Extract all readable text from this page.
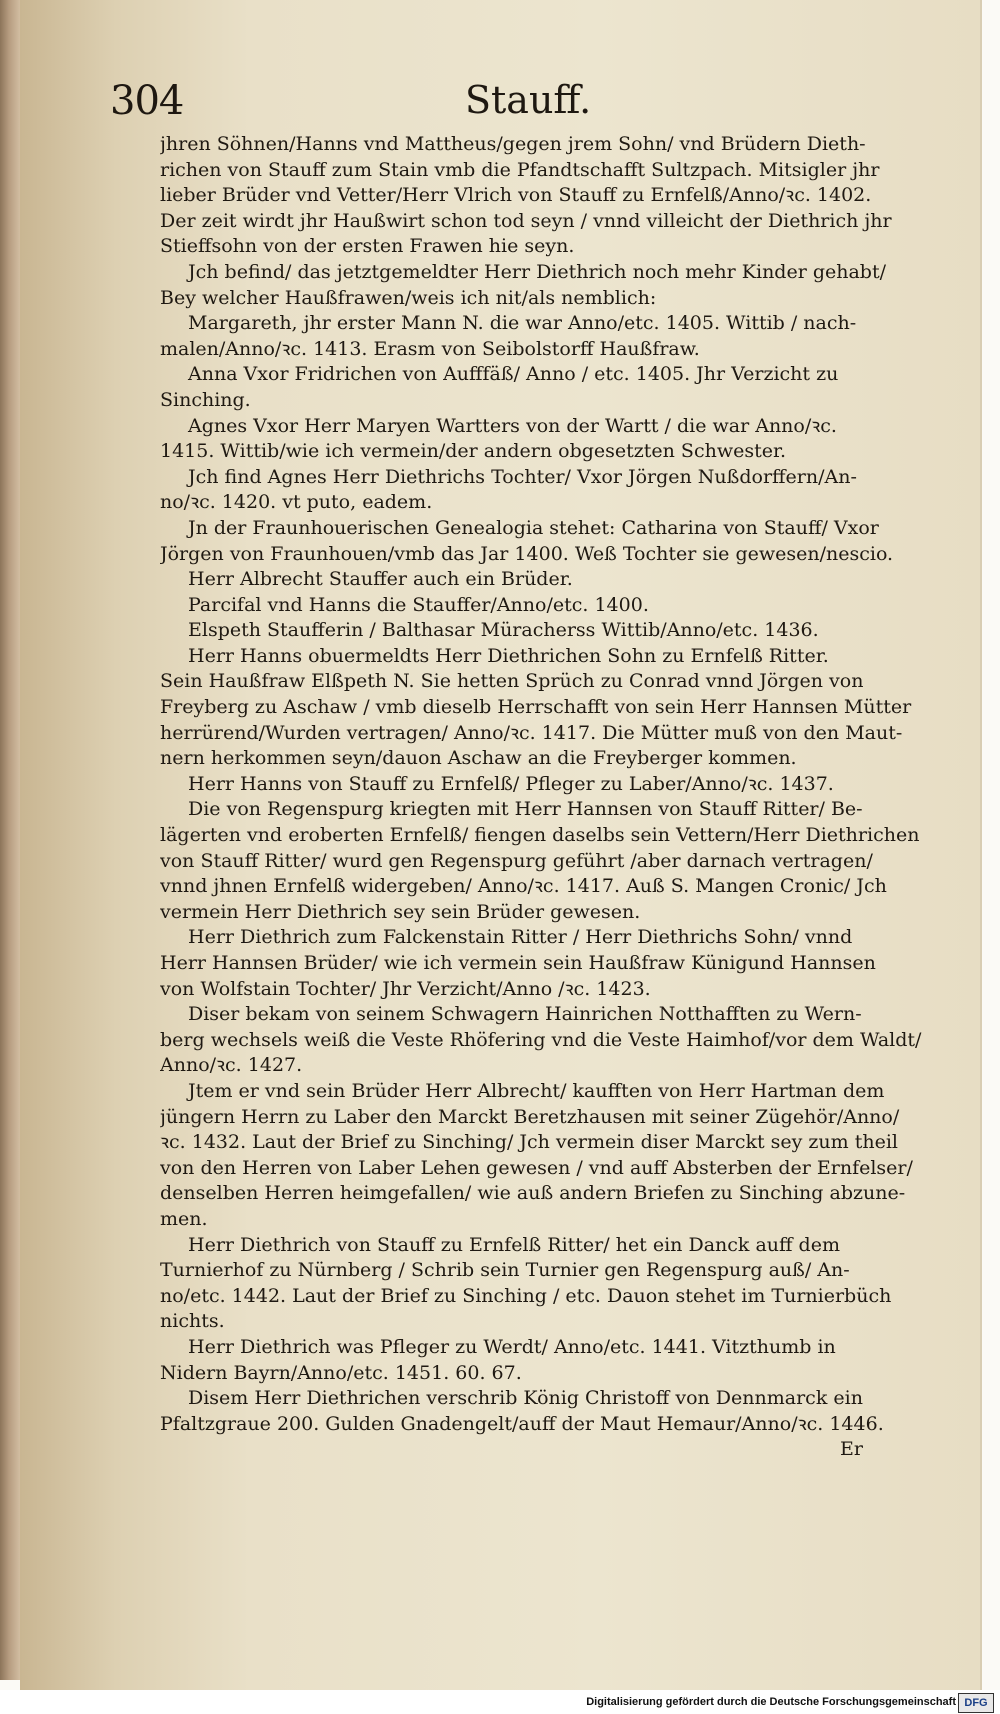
304	Stauff.
jhren Söhnen/Hanns vnd Mattheus/gegen jrem Sohn/ vnd Brüdern Dieth-
richen von Stauff zum Stain vmb die Pfandtschafft Sultzpach. Mitsigler jhr
lieber Brüder vnd Vetter/Herr Vlrich von Stauff zu Ernfelß/Anno/ꝛc. 1402.
Der zeit wirdt jhr Haußwirt schon tod seyn / vnnd villeicht der Diethrich jhr
Stieffsohn von der ersten Frawen hie seyn.
Jch befind/ das jetztgemeldter Herr Diethrich noch mehr Kinder gehabt/
Bey welcher Haußfrawen/weis ich nit/als nemblich:
Margareth, jhr erster Mann N. die war Anno/etc. 1405. Wittib / nach-
malen/Anno/ꝛc. 1413. Erasm von Seibolstorff Haußfraw.
Anna Vxor Fridrichen von Aufffäß/ Anno / etc. 1405. Jhr Verzicht zu
Sinching.
Agnes Vxor Herr Maryen Wartters von der Wartt / die war Anno/ꝛc.
1415. Wittib/wie ich vermein/der andern obgesetzten Schwester.
Jch find Agnes Herr Diethrichs Tochter/ Vxor Jörgen Nußdorffern/An-
no/ꝛc. 1420. vt puto, eadem.
Jn der Fraunhouerischen Genealogia stehet: Catharina von Stauff/ Vxor
Jörgen von Fraunhouen/vmb das Jar 1400. Weß Tochter sie gewesen/nescio.
Herr Albrecht Stauffer auch ein Brüder.
Parcifal vnd Hanns die Stauffer/Anno/etc. 1400.
Elspeth Staufferin / Balthasar Müracherss Wittib/Anno/etc. 1436.
Herr Hanns obuermeldts Herr Diethrichen Sohn zu Ernfelß Ritter.
Sein Haußfraw Elßpeth N. Sie hetten Sprüch zu Conrad vnnd Jörgen von
Freyberg zu Aschaw / vmb dieselb Herrschafft von sein Herr Hannsen Mütter
herrürend/Wurden vertragen/ Anno/ꝛc. 1417. Die Mütter muß von den Maut-
nern herkommen seyn/dauon Aschaw an die Freyberger kommen.
Herr Hanns von Stauff zu Ernfelß/ Pfleger zu Laber/Anno/ꝛc. 1437.
Die von Regenspurg kriegten mit Herr Hannsen von Stauff Ritter/ Be-
lägerten vnd eroberten Ernfelß/ fiengen daselbs sein Vettern/Herr Diethrichen
von Stauff Ritter/ wurd gen Regenspurg geführt /aber darnach vertragen/
vnnd jhnen Ernfelß widergeben/ Anno/ꝛc. 1417. Auß S. Mangen Cronic/ Jch
vermein Herr Diethrich sey sein Brüder gewesen.
Herr Diethrich zum Falckenstain Ritter / Herr Diethrichs Sohn/ vnnd
Herr Hannsen Brüder/ wie ich vermein sein Haußfraw Künigund Hannsen
von Wolfstain Tochter/ Jhr Verzicht/Anno /ꝛc. 1423.
Diser bekam von seinem Schwagern Hainrichen Notthafften zu Wern-
berg wechsels weiß die Veste Rhöfering vnd die Veste Haimhof/vor dem Waldt/
Anno/ꝛc. 1427.
Jtem er vnd sein Brüder Herr Albrecht/ kaufften von Herr Hartman dem
jüngern Herrn zu Laber den Marckt Beretzhausen mit seiner Zügehör/Anno/
ꝛc. 1432. Laut der Brief zu Sinching/ Jch vermein diser Marckt sey zum theil
von den Herren von Laber Lehen gewesen / vnd auff Absterben der Ernfelser/
denselben Herren heimgefallen/ wie auß andern Briefen zu Sinching abzune-
men.
Herr Diethrich von Stauff zu Ernfelß Ritter/ het ein Danck auff dem
Turnierhof zu Nürnberg / Schrib sein Turnier gen Regenspurg auß/ An-
no/etc. 1442. Laut der Brief zu Sinching / etc. Dauon stehet im Turnierbüch
nichts.
Herr Diethrich was Pfleger zu Werdt/ Anno/etc. 1441. Vitzthumb in
Nidern Bayrn/Anno/etc. 1451. 60. 67.
Disem Herr Diethrichen verschrib König Christoff von Dennmarck ein
Pfaltzgraue 200. Gulden Gnadengelt/auff der Maut Hemaur/Anno/ꝛc. 1446.
Er
Digitalisierung gefördert durch die Deutsche Forschungsgemeinschaft DFG
